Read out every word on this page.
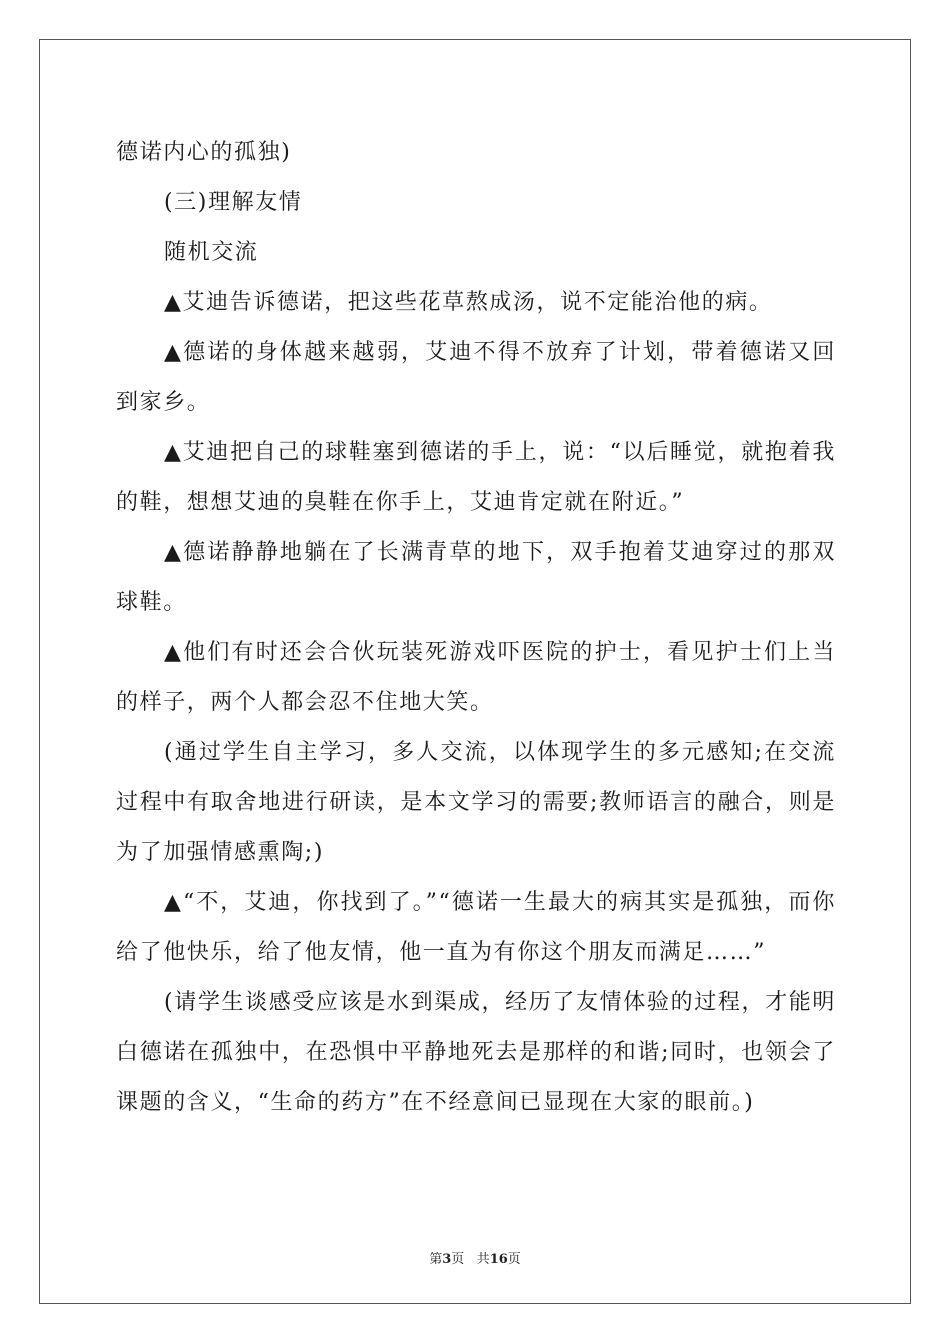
德诺内心的孤独)

(三)理解友情

随机交流

▲艾迪告诉德诺，把这些花草熬成汤，说不定能治他的病。

▲德诺的身体越来越弱，艾迪不得不放弃了计划，带着德诺又回到家乡。

▲艾迪把自己的球鞋塞到德诺的手上，说：“以后睡觉，就抱着我的鞋，想想艾迪的臭鞋在你手上，艾迪肯定就在附近。”

▲德诺静静地躺在了长满青草的地下，双手抱着艾迪穿过的那双球鞋。

▲他们有时还会合伙玩装死游戏吓医院的护士，看见护士们上当的样子，两个人都会忍不住地大笑。

(通过学生自主学习，多人交流，以体现学生的多元感知;在交流过程中有取舍地进行研读，是本文学习的需要;教师语言的融合，则是为了加强情感熏陶;)

▲“不，艾迪，你找到了。”“德诺一生最大的病其实是孤独，而你给了他快乐，给了他友情，他一直为有你这个朋友而满足……”

(请学生谈感受应该是水到渠成，经历了友情体验的过程，才能明白德诺在孤独中，在恐惧中平静地死去是那样的和谐;同时，也领会了课题的含义，“生命的药方”在不经意间已显现在大家的眼前。)

第3页 共16页
